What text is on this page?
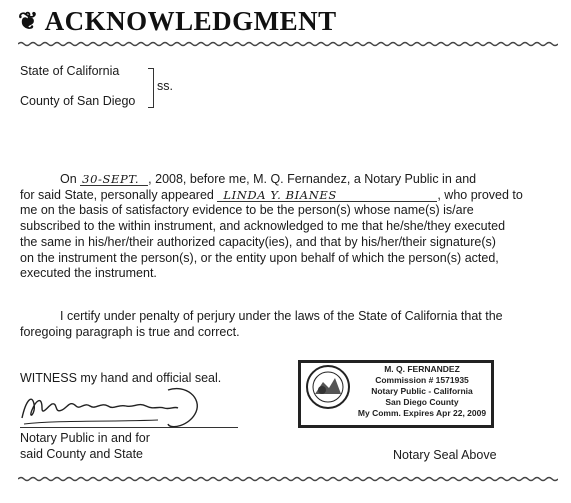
❦ ACKNOWLEDGMENT
State of California
County of San Diego
ss.
On 30-SEPT. , 2008, before me, M. Q. Fernandez, a Notary Public in and
for said State, personally appeared LINDA Y. BIANES	, who proved to
me on the basis of satisfactory evidence to be the person(s) whose name(s) is/are
subscribed to the within instrument, and acknowledged to me that he/she/they executed
the same in his/her/their authorized capacity(ies), and that by his/her/their signature(s)
on the instrument the person(s), or the entity upon behalf of which the person(s) acted,
executed the instrument.
I certify under penalty of perjury under the laws of the State of California that the foregoing paragraph is true and correct.
WITNESS my hand and official seal.
Notary Public in and for
said County and State
M. Q. FERNANDEZ
Commission # 1571935
Notary Public - California
San Diego County
My Comm. Expires Apr 22, 2009
Notary Seal Above
